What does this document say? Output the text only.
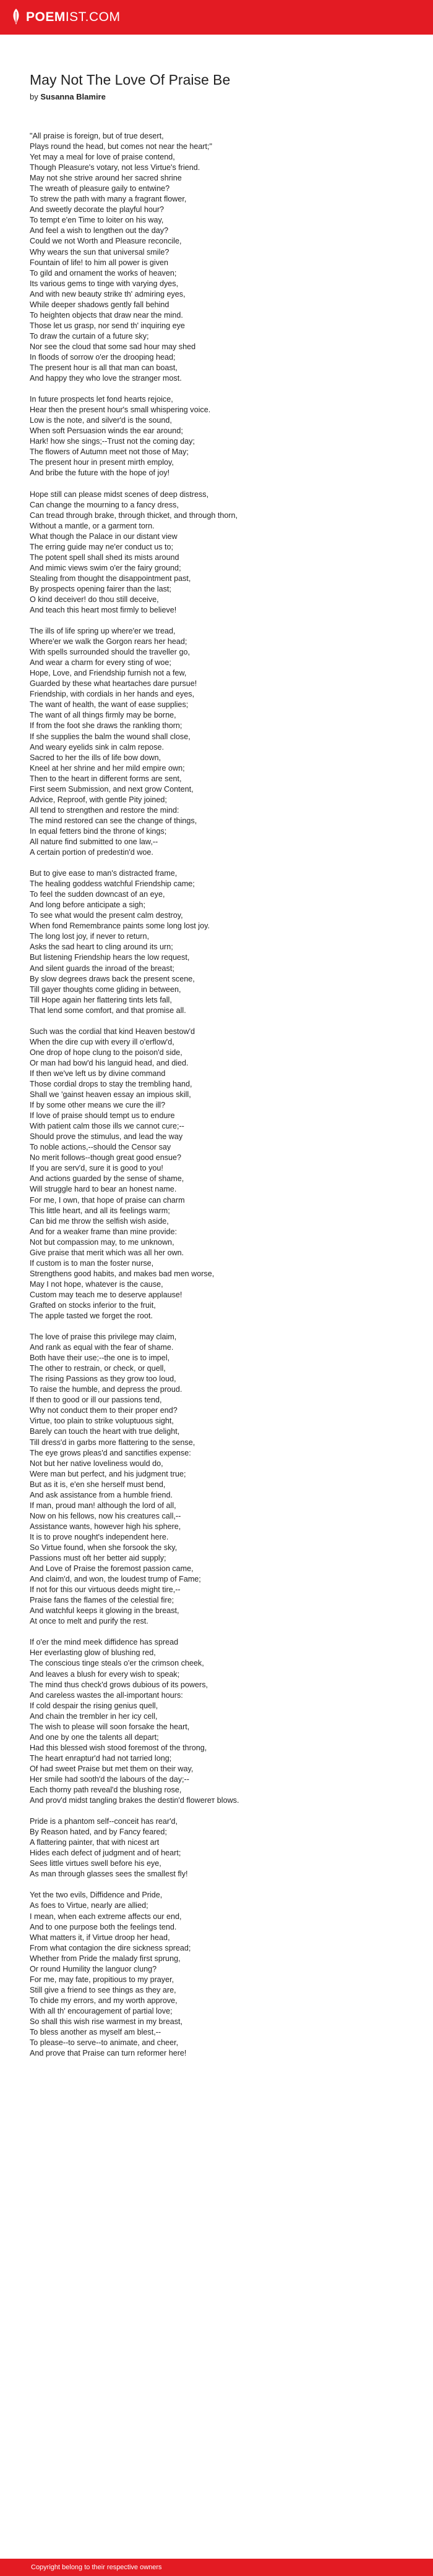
POEMIST.COM
May Not The Love Of Praise Be
by Susanna Blamire
"All praise is foreign, but of true desert,
Plays round the head, but comes not near the heart;"
Yet may a meal for love of praise contend,
Though Pleasure's votary, not less Virtue's friend.
May not she strive around her sacred shrine
The wreath of pleasure gaily to entwine?
To strew the path with many a fragrant flower,
And sweetly decorate the playful hour?
To tempt e'en Time to loiter on his way,
And feel a wish to lengthen out the day?
Could we not Worth and Pleasure reconcile,
Why wears the sun that universal smile?
Fountain of life! to him all power is given
To gild and ornament the works of heaven;
Its various gems to tinge with varying dyes,
And with new beauty strike th' admiring eyes,
While deeper shadows gently fall behind
To heighten objects that draw near the mind.
Those let us grasp, nor send th' inquiring eye
To draw the curtain of a future sky;
Nor see the cloud that some sad hour may shed
In floods of sorrow o'er the drooping head;
The present hour is all that man can boast,
And happy they who love the stranger most.
In future prospects let fond hearts rejoice,
Hear then the present hour's small whispering voice.
Low is the note, and silver'd is the sound,
When soft Persuasion winds the ear around;
Hark! how she sings;--Trust not the coming day;
The flowers of Autumn meet not those of May;
The present hour in present mirth employ,
And bribe the future with the hope of joy!
Hope still can please midst scenes of deep distress,
Can change the mourning to a fancy dress,
Can tread through brake, through thicket, and through thorn,
Without a mantle, or a garment torn.
What though the Palace in our distant view
The erring guide may ne'er conduct us to;
The potent spell shall shed its mists around
And mimic views swim o'er the fairy ground;
Stealing from thought the disappointment past,
By prospects opening fairer than the last;
O kind deceiver! do thou still deceive,
And teach this heart most firmly to believe!
The ills of life spring up where'er we tread,
Where'er we walk the Gorgon rears her head;
With spells surrounded should the traveller go,
And wear a charm for every sting of woe;
Hope, Love, and Friendship furnish not a few,
Guarded by these what heartaches dare pursue!
Friendship, with cordials in her hands and eyes,
The want of health, the want of ease supplies;
The want of all things firmly may be borne,
If from the foot she draws the rankling thorn;
If she supplies the balm the wound shall close,
And weary eyelids sink in calm repose.
Sacred to her the ills of life bow down,
Kneel at her shrine and her mild empire own;
Then to the heart in different forms are sent,
First seem Submission, and next grow Content,
Advice, Reproof, with gentle Pity joined;
All tend to strengthen and restore the mind:
The mind restored can see the change of things,
In equal fetters bind the throne of kings;
All nature find submitted to one law,--
A certain portion of predestin'd woe.
But to give ease to man's distracted frame,
The healing goddess watchful Friendship came;
To feel the sudden downcast of an eye,
And long before anticipate a sigh;
To see what would the present calm destroy,
When fond Remembrance paints some long lost joy.
The long lost joy, if never to return,
Asks the sad heart to cling around its urn;
But listening Friendship hears the low request,
And silent guards the inroad of the breast;
By slow degrees draws back the present scene,
Till gayer thoughts come gliding in between,
Till Hope again her flattering tints lets fall,
That lend some comfort, and that promise all.
Such was the cordial that kind Heaven bestow'd
When the dire cup with every ill o'erflow'd,
One drop of hope clung to the poison'd side,
Or man had bow'd his languid head, and died.
If then we've left us by divine command
Those cordial drops to stay the trembling hand,
Shall we 'gainst heaven essay an impious skill,
If by some other means we cure the ill?
If love of praise should tempt us to endure
With patient calm those ills we cannot cure;--
Should prove the stimulus, and lead the way
To noble actions,--should the Censor say
No merit follows--though great good ensue?
If you are serv'd, sure it is good to you!
And actions guarded by the sense of shame,
Will struggle hard to bear an honest name.
For me, I own, that hope of praise can charm
This little heart, and all its feelings warm;
Can bid me throw the selfish wish aside,
And for a weaker frame than mine provide:
Not but compassion may, to me unknown,
Give praise that merit which was all her own.
If custom is to man the foster nurse,
Strengthens good habits, and makes bad men worse,
May I not hope, whatever is the cause,
Custom may teach me to deserve applause!
Grafted on stocks inferior to the fruit,
The apple tasted we forget the root.
The love of praise this privilege may claim,
And rank as equal with the fear of shame.
Both have their use;--the one is to impel,
The other to restrain, or check, or quell,
The rising Passions as they grow too loud,
To raise the humble, and depress the proud.
If then to good or ill our passions tend,
Why not conduct them to their proper end?
Virtue, too plain to strike voluptuous sight,
Barely can touch the heart with true delight,
Till dress'd in garbs more flattering to the sense,
The eye grows pleas'd and sanctifies expense:
Not but her native loveliness would do,
Were man but perfect, and his judgment true;
But as it is, e'en she herself must bend,
And ask assistance from a humble friend.
If man, proud man! although the lord of all,
Now on his fellows, now his creatures call,--
Assistance wants, however high his sphere,
It is to prove nought's independent here.
So Virtue found, when she forsook the sky,
Passions must oft her better aid supply;
And Love of Praise the foremost passion came,
And claim'd, and won, the loudest trump of Fame;
If not for this our virtuous deeds might tire,--
Praise fans the flames of the celestial fire;
And watchful keeps it glowing in the breast,
At once to melt and purify the rest.
If o'er the mind meek diffidence has spread
Her everlasting glow of blushing red,
The conscious tinge steals o'er the crimson cheek,
And leaves a blush for every wish to speak;
The mind thus check'd grows dubious of its powers,
And careless wastes the all-important hours:
If cold despair the rising genius quell,
And chain the trembler in her icy cell,
The wish to please will soon forsake the heart,
And one by one the talents all depart;
Had this blessed wish stood foremost of the throng,
The heart enraptur'd had not tarried long;
Of had sweet Praise but met them on their way,
Her smile had sooth'd the labours of the day;--
Each thorny path reveal'd the blushing rose,
And prov'd midst tangling brakes the destin'd flowerет blows.
Pride is a phantom self--conceit has rear'd,
By Reason hated, and by Fancy feared;
A flattering painter, that with nicest art
Hides each defect of judgment and of heart;
Sees little virtues swell before his eye,
As man through glasses sees the smallest fly!
Yet the two evils, Diffidence and Pride,
As foes to Virtue, nearly are allied;
I mean, when each extreme affects our end,
And to one purpose both the feelings tend.
What matters it, if Virtue droop her head,
From what contagion the dire sickness spread;
Whether from Pride the malady first sprung,
Or round Humility the languor clung?
For me, may fate, propitious to my prayer,
Still give a friend to see things as they are,
To chide my errors, and my worth approve,
With all th' encouragement of partial love;
So shall this wish rise warmest in my breast,
To bless another as myself am blest,--
To please--to serve--to animate, and cheer,
And prove that Praise can turn reformer here!
Copyright belong to their respective owners
